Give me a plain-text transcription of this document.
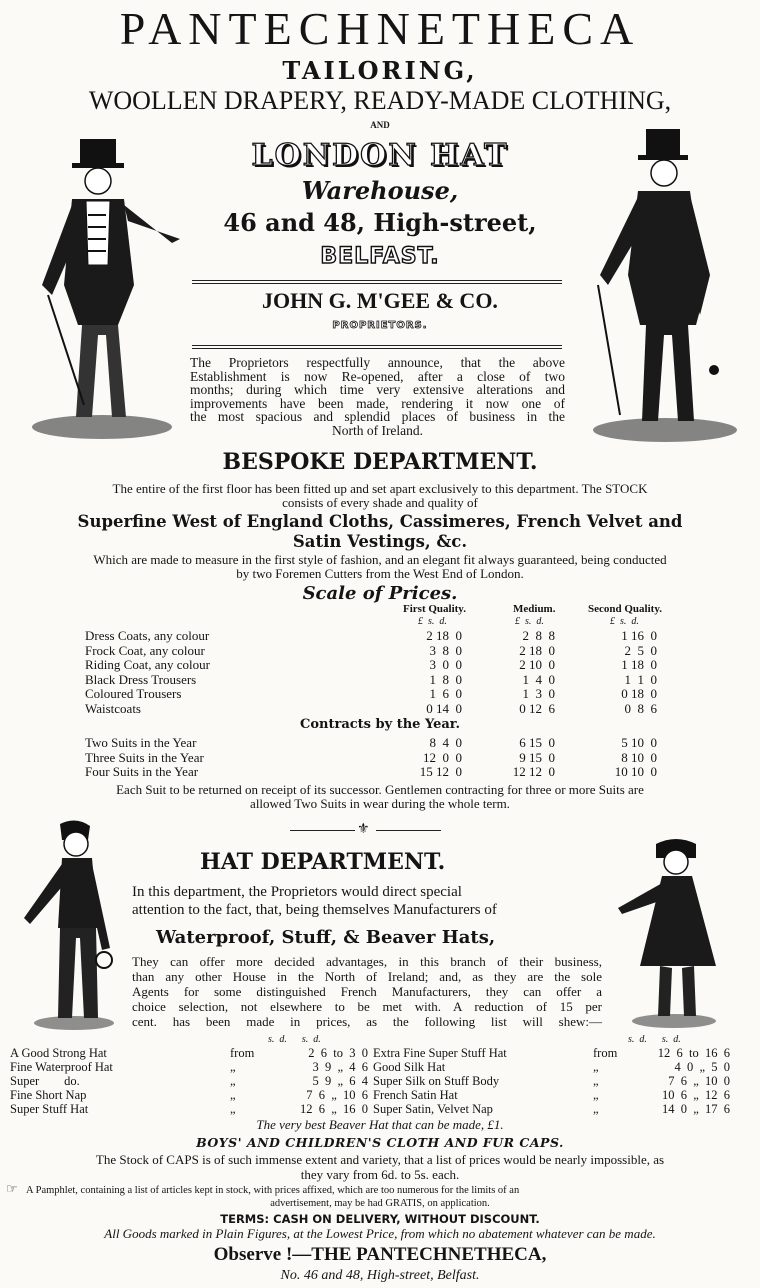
PANTECHNETHECA
TAILORING,
WOOLLEN DRAPERY, READY-MADE CLOTHING,
AND
LONDON HAT
Warehouse,
46 and 48, High-street,
BELFAST.
JOHN G. M'GEE & CO.
PROPRIETORS.
The Proprietors respectfully announce, that the above
Establishment is now Re-opened, after a close of two
months; during which time very extensive alterations and
improvements have been made, rendering it now one of
the most spacious and splendid places of business in the
North of Ireland.
BESPOKE DEPARTMENT.
The entire of the first floor has been fitted up and set apart exclusively to this department. The STOCK
consists of every shade and quality of
Superfine West of England Cloths, Cassimeres, French Velvet and
Satin Vestings, &c.
Which are made to measure in the first style of fashion, and an elegant fit always guaranteed, being conducted
by two Foremen Cutters from the West End of London.
Scale of Prices.
First Quality.	Medium.	Second Quality.
£  s.  d.	£  s.  d.	£  s.  d.
Dress Coats, any colour	2 18  0	2  8  8	1 16  0
Frock Coat, any colour	3  8  0	2 18  0	2  5  0
Riding Coat, any colour	3  0  0	2 10  0	1 18  0
Black Dress Trousers	1  8  0	1  4  0	1  1  0
Coloured Trousers	1  6  0	1  3  0	0 18  0
Waistcoats	0 14  0	0 12  6	0  8  6
Contracts by the Year.
Two Suits in the Year	8  4  0	6 15  0	5 10  0
Three Suits in the Year	12  0  0	9 15  0	8 10  0
Four Suits in the Year	15 12  0	12 12  0	10 10  0
Each Suit to be returned on receipt of its successor. Gentlemen contracting for three or more Suits are
allowed Two Suits in wear during the whole term.
⚜
HAT DEPARTMENT.
In this department, the Proprietors would direct special
attention to the fact, that, being themselves Manufacturers of
Waterproof, Stuff, & Beaver Hats,
They can offer more decided advantages, in this branch of their business,
than any other House in the North of Ireland; and, as they are the sole
Agents for some distinguished French Manufacturers, they can offer a
choice selection, not elsewhere to be met with. A reduction of 15 per
cent. has been made in prices, as the following list will shew:—
s.  d.      s.  d.	s.  d.      s.  d.
A Good Strong Hat	from	2  6  to  3  0
Fine Waterproof Hat	„	3  9  „  4  6
Super        do.	„	5  9  „  6  4
Fine Short Nap	„	7  6  „  10  6
Super Stuff Hat	„	12  6  „  16  0
Extra Fine Super Stuff Hat	from	12  6  to  16  6
Good Silk Hat	„	4  0  „  5  0
Super Silk on Stuff Body	„	7  6  „  10  0
French Satin Hat	„	10  6  „  12  6
Super Satin, Velvet Nap	„	14  0  „  17  6
The very best Beaver Hat that can be made, £1.
BOYS' AND CHILDREN'S CLOTH AND FUR CAPS.
The Stock of CAPS is of such immense extent and variety, that a list of prices would be nearly impossible, as
they vary from 6d. to 5s. each.
☞ A Pamphlet, containing a list of articles kept in stock, with prices affixed, which are too numerous for the limits of an
advertisement, may be had GRATIS, on application.
TERMS: CASH ON DELIVERY, WITHOUT DISCOUNT.
All Goods marked in Plain Figures, at the Lowest Price, from which no abatement whatever can be made.
Observe !—THE PANTECHNETHECA,
No. 46 and 48, High-street, Belfast.
